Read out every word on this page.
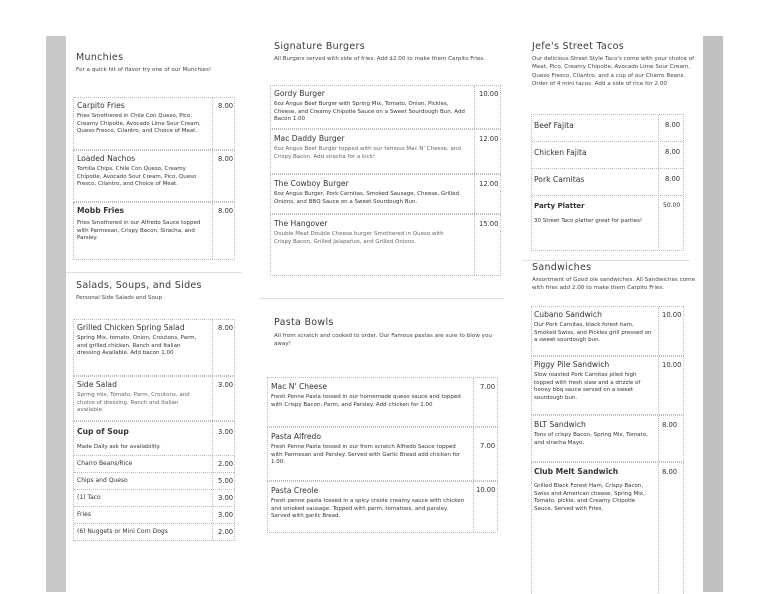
Munchies
For a quick hit of flavor try one of our Munchies!
Carpito Fries
Fries Smothered in Chile Con Queso, Pico, Creamy Chipotle, Avocado Lime Sour Cream, Queso Fresco, Cilantro, and Choice of Meat.
8.00
Loaded Nachos
Tortilla Chips, Chile Con Queso, Creamy Chipotle, Avocado Sour Cream, Pico, Queso Fresco, Cilantro, and Choice of Meat.
8.00
Mobb Fries
Fries Smothered in our Alfredo Sauce topped with Parmesan, Crispy Bacon, Siracha, and Parsley.
8.00
Salads, Soups, and Sides
Personal Side Salads and Soup
Grilled Chicken Spring Salad
Spring Mix, tomato, Onion, Croutons, Parm, and grilled chicken. Ranch and Italian dressing Available. Add bacon 1.00
8.00
Side Salad
Spring mix, Tomato, Parm, Croutons, and choice of dressing. Ranch and Italian available.
3.00
Cup of Soup
Made Daily ask for availability.
3.00
Charro Beans/Rice	2.00
Chips and Queso	5.00
(1) Taco	3.00
Fries	3.00
(6) Nuggets or Mini Corn Dogs	2.00
Signature Burgers
All Burgers served with side of fries. Add $2.00 to make them Carpito Fries.
Gordy Burger
6oz Angus Beef Burger with Spring Mix, Tomato, Onion, Pickles, Cheese, and Creamy Chipotle Sauce on a Sweet Sourdough Bun. Add Bacon 1.00
10.00
Mac Daddy Burger
6oz Angus Beef Burger topped with our famous Mac N' Cheese, and Crispy Bacon. Add siracha for a kick!
12.00
The Cowboy Burger
6oz Angus Burger, Pork Carnitas, Smoked Sausage, Cheese, Grilled Onions, and BBQ Sauce on a Sweet Sourdough Bun.
12.00
The Hangover
Double Meat Double Cheese burger Smothered in Queso with Crispy Bacon, Grilled Jalapeños, and Grilled Onions.
15.00
Pasta Bowls
All from scratch and cooked to order. Our Famous pastas are sure to blow you away!
Mac N' Cheese
Fresh Penne Pasta tossed in our homemade queso sauce and topped with Crispy Bacon, Parm, and Parsley. Add chicken for 1.00
7.00
Pasta Alfredo
Fresh Penne Pasta tossed in our from scratch Alfredo Sauce topped with Parmesan and Parsley. Served with Garlic Bread add chicken for 1.00.
7.00
Pasta Creole
Fresh penne pasta tossed in a spicy creole creamy sauce with chicken and smoked sausage. Topped with parm, tomatoes, and parsley. Served with garlic Bread.
10.00
Jefe's Street Tacos
Our delicious Street Style Taco's come with your choice of Meat, Pico, Creamy Chipotle, Avocado Lime Sour Cream, Queso Fresco, Cilantro, and a cup of our Charro Beans. Order of 4 mini tacos. Add a side of rice for 2.00
Beef Fajita	8.00
Chicken Fajita	8.00
Pork Carnitas	8.00
Party Platter
30 Street Taco platter great for parties!
50.00
Sandwiches
Assortment of Good ole sandwiches. All Sandwiches come with fries add 2.00 to make them Carpito Fries.
Cubano Sandwich
Our Pork Carnitas, black forest ham, Smoked Swiss, and Pickles grill pressed on a sweet sourdough bun.
10.00
Piggy Pile Sandwich
Slow roasted Pork Carnitas piled high topped with fresh slaw and a drizzle of honey bbq sauce served on a sweet sourdough bun.
10.00
BLT Sandwich
Tons of crispy Bacon, Spring Mix, Tomato, and siracha Mayo.
8.00
Club Melt Sandwich
Grilled Black Forest Ham, Crispy Bacon, Swiss and American cheese, Spring Mix, Tomato, pickle, and Creamy Chipotle Sauce. Served with Fries.
8.00
